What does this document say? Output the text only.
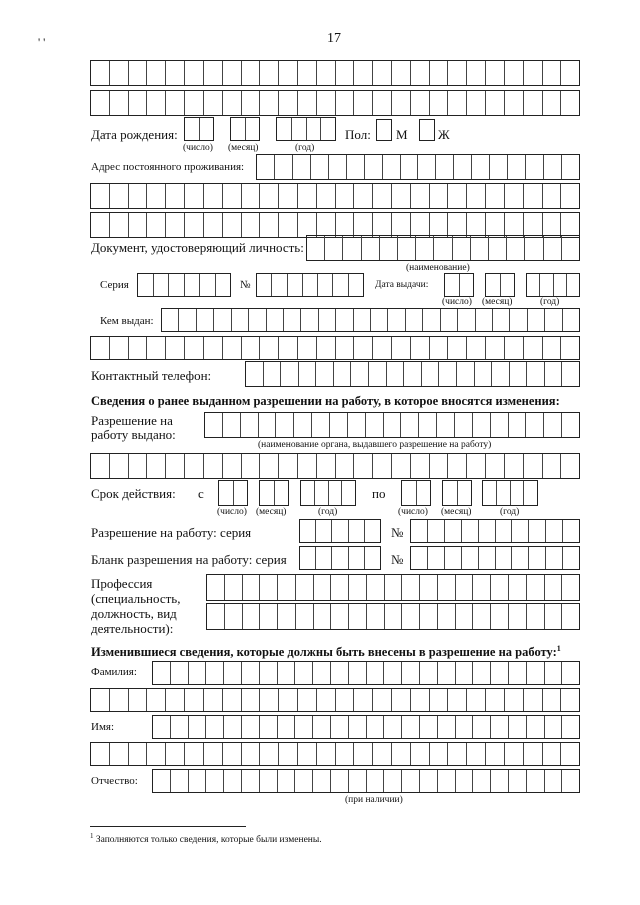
17
' '
Дата рождения:
(число) (месяц)	(год)
Пол: М Ж
Адрес постоянного проживания:
Документ, удостоверяющий личность:
(наименование)
Серия	№	Дата выдачи:
(число) (месяц)	(год)
Кем выдан:
Контактный телефон:
Сведения о ранее выданном разрешении на работу, в которое вносятся изменения:
Разрешение на
работу выдано:
(наименование органа, выдавшего разрешение на работу)
Срок действия: с
(число) (месяц)	(год)
по
(число) (месяц)	(год)
Разрешение на работу: серия	№
Бланк разрешения на работу: серия	№
Профессия
(специальность,
должность, вид
деятельности):
Изменившиеся сведения, которые должны быть внесены в разрешение на работу:$^1$
Фамилия:
Имя:
Отчество:
(при наличии)
$^1$ Заполняются только сведения, которые были изменены.
